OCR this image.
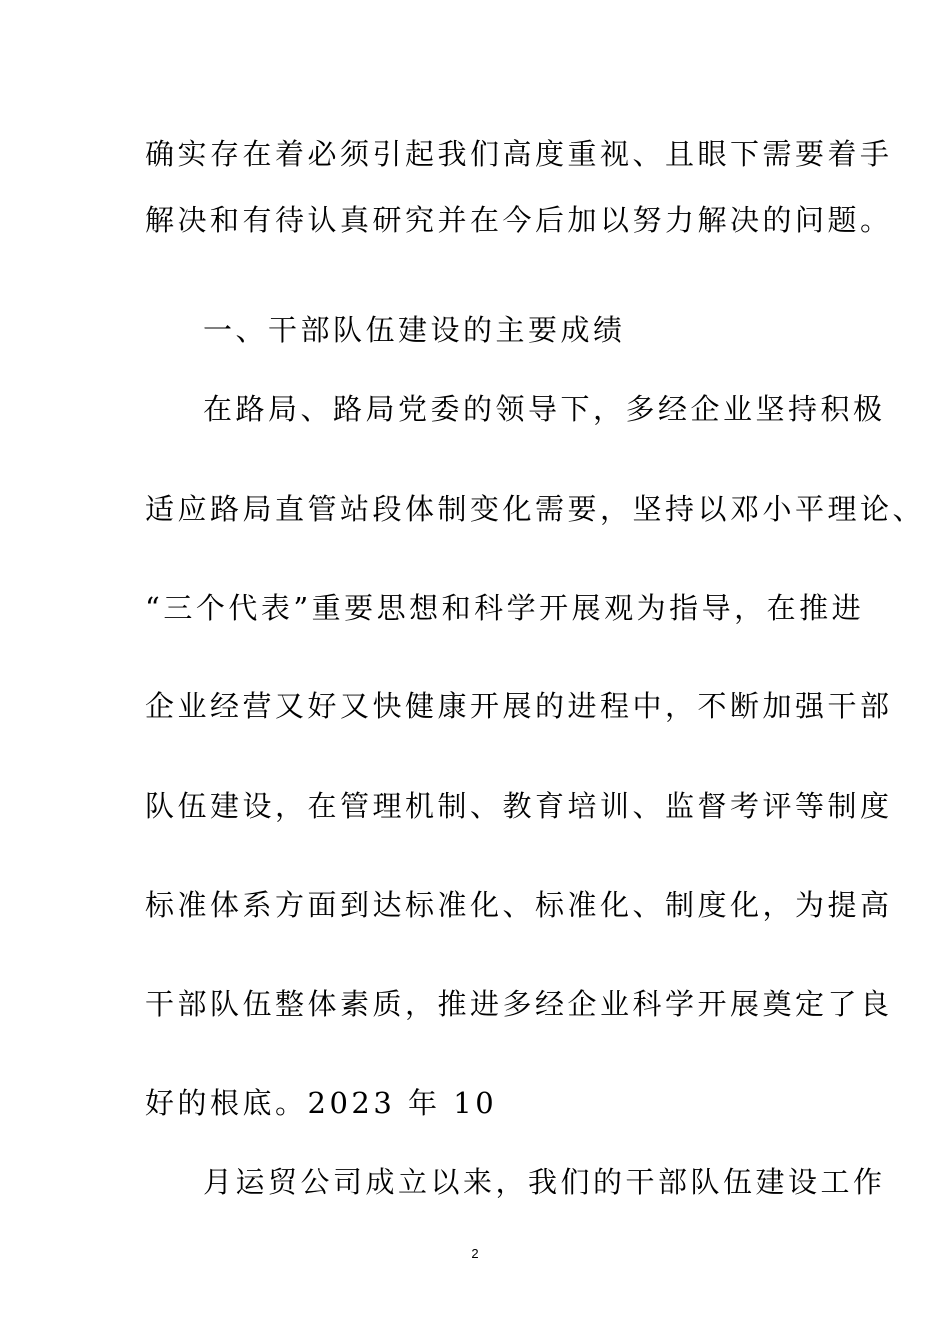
确实存在着必须引起我们高度重视、且眼下需要着手
解决和有待认真研究并在今后加以努力解决的问题。
一、干部队伍建设的主要成绩
在路局、路局党委的领导下，多经企业坚持积极
适应路局直管站段体制变化需要，坚持以邓小平理论、
“三个代表”重要思想和科学开展观为指导，在推进
企业经营又好又快健康开展的进程中，不断加强干部
队伍建设，在管理机制、教育培训、监督考评等制度
标准体系方面到达标准化、标准化、制度化，为提高
干部队伍整体素质，推进多经企业科学开展奠定了良
好的根底。2023 年 10
月运贸公司成立以来，我们的干部队伍建设工作
2
